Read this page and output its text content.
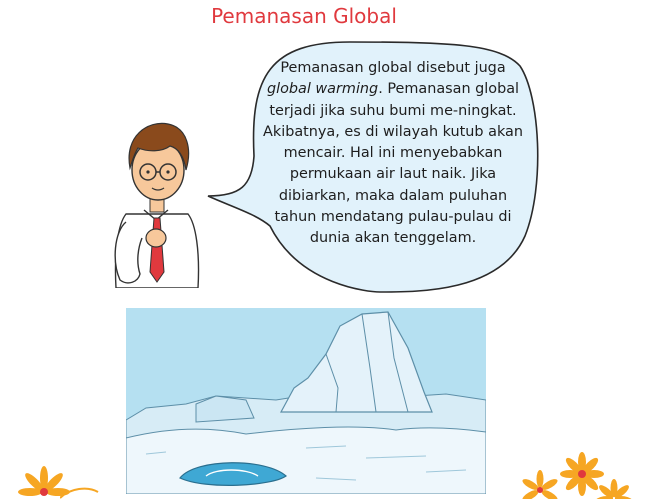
Pemanasan Global
Pemanasan global disebut juga global warming. Pemanasan global terjadi jika suhu bumi me-ningkat. Akibatnya, es di wilayah kutub akan mencair. Hal ini menyebabkan permukaan air laut naik. Jika dibiarkan, maka dalam puluhan tahun mendatang pulau-pulau di dunia akan tenggelam.
